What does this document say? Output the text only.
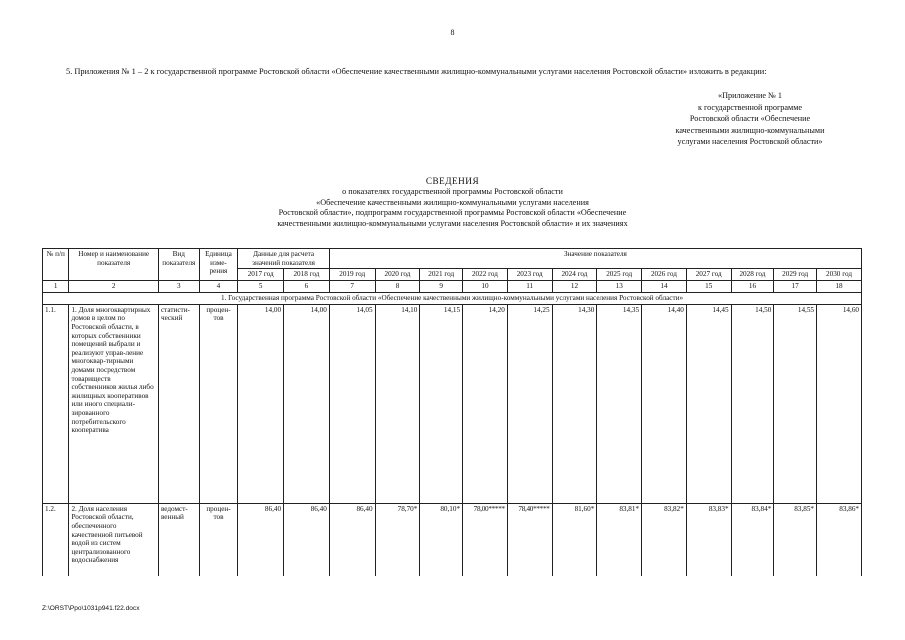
8
5. Приложения № 1 – 2 к государственной программе Ростовской области «Обеспечение качественными жилищно-коммунальными услугами населения Ростовской области» изложить в редакции:
«Приложение № 1
к государственной программе
Ростовской области «Обеспечение
качественными жилищно-коммунальными
услугами населения Ростовской области»
СВЕДЕНИЯ
о показателях государственной программы Ростовской области
«Обеспечение качественными жилищно-коммунальными услугами населения
Ростовской области», подпрограмм государственной программы Ростовской области «Обеспечение
качественными жилищно-коммунальными услугами населения Ростовской области» и их значениях
№ п/п	Номер и наименование показателя	Вид показателя	Единица изме-рения	Данные для расчета значений показателя		Значение показателя											
				2017 год	2018 год	2019 год	2020 год	2021 год	2022 год	2023 год	2024 год	2025 год	2026 год	2027 год	2028 год	2029 год	2030 год
1	2	3	4	5	6	7	8	9	10	11	12	13	14	15	16	17	18
1. Государственная программа Ростовской области «Обеспечение качественными жилищно-коммунальными услугами населения Ростовской области»																	
1.1.	1. Доля многоквартирных домов в целом по Ростовской области, в которых собственники помещений выбрали и реализуют управ-ление многоквар-тирными домами посредством товариществ собственников жилья либо жилищных кооперативов или иного специали-зированного потребительского кооператива	статисти-ческий	процен-тов	14,00	14,00	14,05	14,10	14,15	14,20	14,25	14,30	14,35	14,40	14,45	14,50	14,55	14,60
1.2.	2. Доля населения Ростовской области, обеспеченного качественной питьевой водой из систем централизованного водоснабжения	ведомст-венный	процен-тов	86,40	86,40	86,40	78,70*	80,10*	78,00*****	78,40*****	81,60*	83,81*	83,82*	83,83*	83,84*	83,85*	83,86*
Z:\ORST\Ppo\1031p941.f22.docx
